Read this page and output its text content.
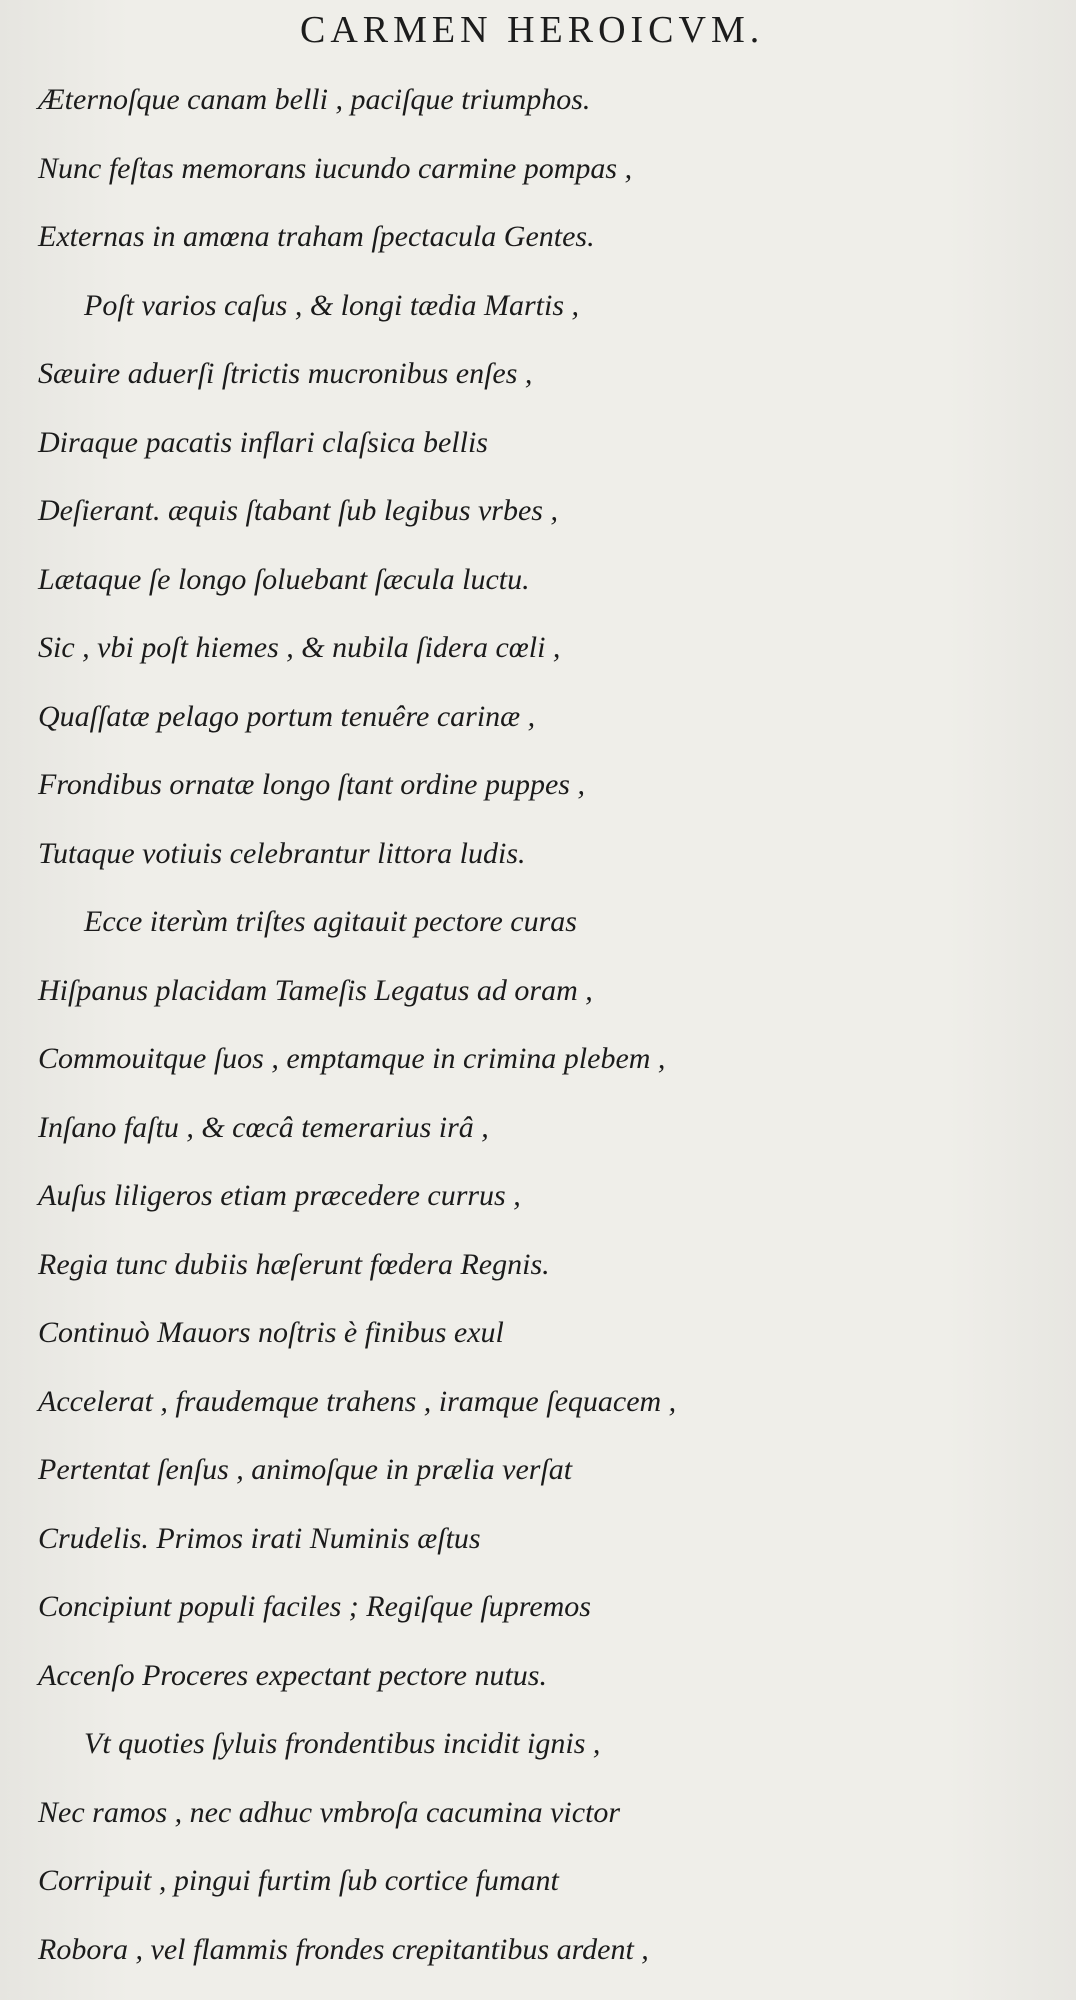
CARMEN HEROICVM.
Æternoſque canam belli , paciſque triumphos.
Nunc feſtas memorans iucundo carmine pompas ,
Externas in amœna traham ſpectacula Gentes.
Poſt varios caſus , & longi tædia Martis ,
Sæuire aduerſi ſtrictis mucronibus enſes ,
Diraque pacatis inflari claſsica bellis
Deſierant. æquis ſtabant ſub legibus vrbes ,
Lætaque ſe longo ſoluebant ſæcula luctu.
Sic , vbi poſt hiemes , & nubila ſidera cœli ,
Quaſſatæ pelago portum tenuêre carinæ ,
Frondibus ornatæ longo ſtant ordine puppes ,
Tutaque votiuis celebrantur littora ludis.
Ecce iterùm triſtes agitauit pectore curas
Hiſpanus placidam Tameſis Legatus ad oram ,
Commouitque ſuos , emptamque in crimina plebem ,
Inſano faſtu , & cœcâ temerarius irâ ,
Auſus liligeros etiam præcedere currus ,
Regia tunc dubiis hæſerunt fœdera Regnis.
Continuò Mauors noſtris è finibus exul
Accelerat , fraudemque trahens , iramque ſequacem ,
Pertentat ſenſus , animoſque in prælia verſat
Crudelis. Primos irati Numinis æſtus
Concipiunt populi faciles ; Regiſque ſupremos
Accenſo Proceres expectant pectore nutus.
Vt quoties ſyluis frondentibus incidit ignis ,
Nec ramos , nec adhuc vmbroſa cacumina victor
Corripuit , pingui furtim ſub cortice fumant
Robora , vel flammis frondes crepitantibus ardent ,
